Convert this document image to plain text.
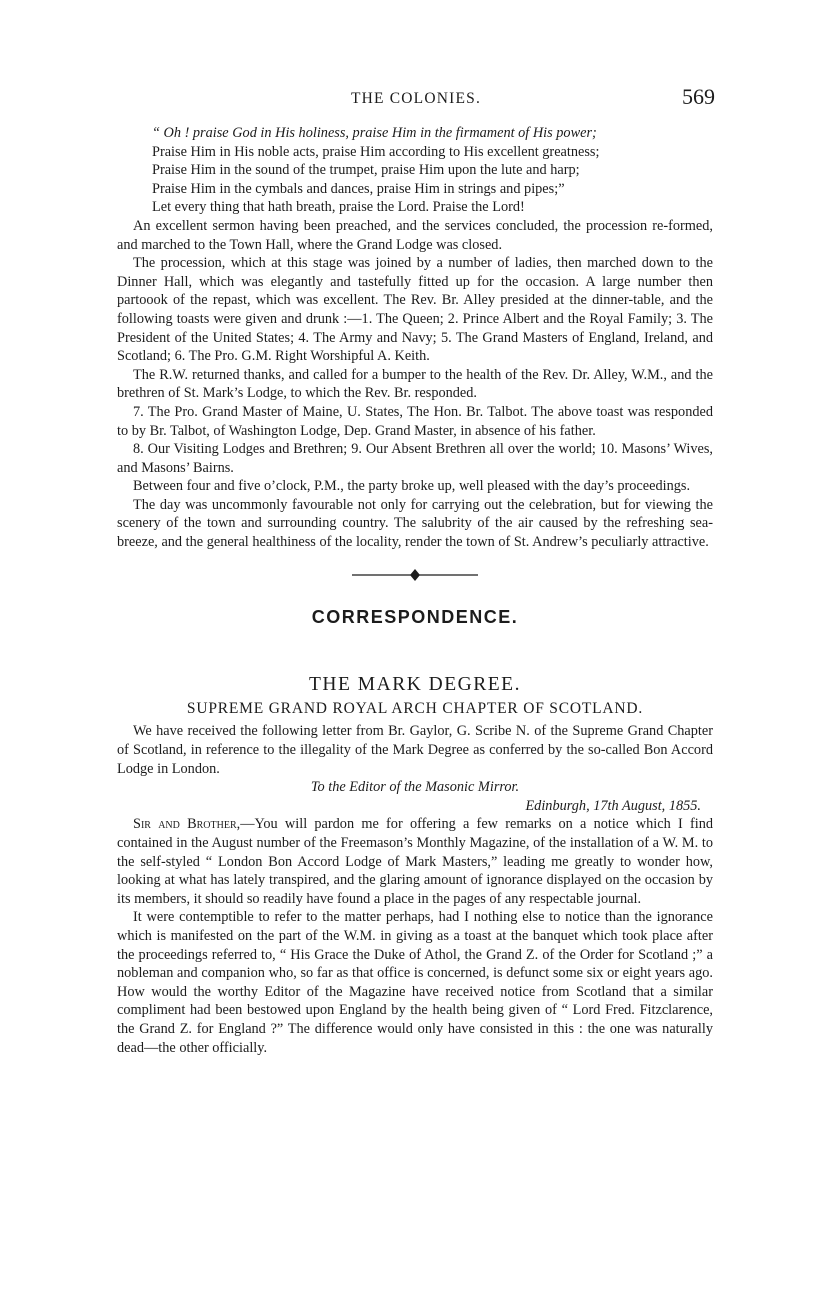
THE COLONIES.	569
“ Oh ! praise God in His holiness, praise Him in the firmament of His power;
Praise Him in His noble acts, praise Him according to His excellent greatness;
Praise Him in the sound of the trumpet, praise Him upon the lute and harp;
Praise Him in the cymbals and dances, praise Him in strings and pipes;”
Let every thing that hath breath, praise the Lord. Praise the Lord!

An excellent sermon having been preached, and the services concluded, the procession re-formed, and marched to the Town Hall, where the Grand Lodge was closed.

The procession, which at this stage was joined by a number of ladies, then marched down to the Dinner Hall, which was elegantly and tastefully fitted up for the occasion. A large number then partoook of the repast, which was excellent. The Rev. Br. Alley presided at the dinner-table, and the following toasts were given and drunk :—1. The Queen; 2. Prince Albert and the Royal Family; 3. The President of the United States; 4. The Army and Navy; 5. The Grand Masters of England, Ireland, and Scotland; 6. The Pro. G.M. Right Worshipful A. Keith.

The R.W. returned thanks, and called for a bumper to the health of the Rev. Dr. Alley, W.M., and the brethren of St. Mark’s Lodge, to which the Rev. Br. responded.

7. The Pro. Grand Master of Maine, U. States, The Hon. Br. Talbot. The above toast was responded to by Br. Talbot, of Washington Lodge, Dep. Grand Master, in absence of his father.

8. Our Visiting Lodges and Brethren; 9. Our Absent Brethren all over the world; 10. Masons’ Wives, and Masons’ Bairns.

Between four and five o’clock, P.M., the party broke up, well pleased with the day’s proceedings.

The day was uncommonly favourable not only for carrying out the celebration, but for viewing the scenery of the town and surrounding country. The salubrity of the air caused by the refreshing sea-breeze, and the general healthiness of the locality, render the town of St. Andrew’s peculiarly attractive.

CORRESPONDENCE.
THE MARK DEGREE.
SUPREME GRAND ROYAL ARCH CHAPTER OF SCOTLAND.

We have received the following letter from Br. Gaylor, G. Scribe N. of the Supreme Grand Chapter of Scotland, in reference to the illegality of the Mark Degree as conferred by the so-called Bon Accord Lodge in London.

To the Editor of the Masonic Mirror.
Edinburgh, 17th August, 1855.

Sir and Brother,—You will pardon me for offering a few remarks on a notice which I find contained in the August number of the Freemason’s Monthly Magazine, of the installation of a W. M. to the self-styled “ London Bon Accord Lodge of Mark Masters,” leading me greatly to wonder how, looking at what has lately transpired, and the glaring amount of ignorance displayed on the occasion by its members, it should so readily have found a place in the pages of any respectable journal.

It were contemptible to refer to the matter perhaps, had I nothing else to notice than the ignorance which is manifested on the part of the W.M. in giving as a toast at the banquet which took place after the proceedings referred to, “ His Grace the Duke of Athol, the Grand Z. of the Order for Scotland ;” a nobleman and companion who, so far as that office is concerned, is defunct some six or eight years ago. How would the worthy Editor of the Magazine have received notice from Scotland that a similar compliment had been bestowed upon England by the health being given of “ Lord Fred. Fitzclarence, the Grand Z. for England ?” The difference would only have consisted in this : the one was naturally dead—the other officially.
